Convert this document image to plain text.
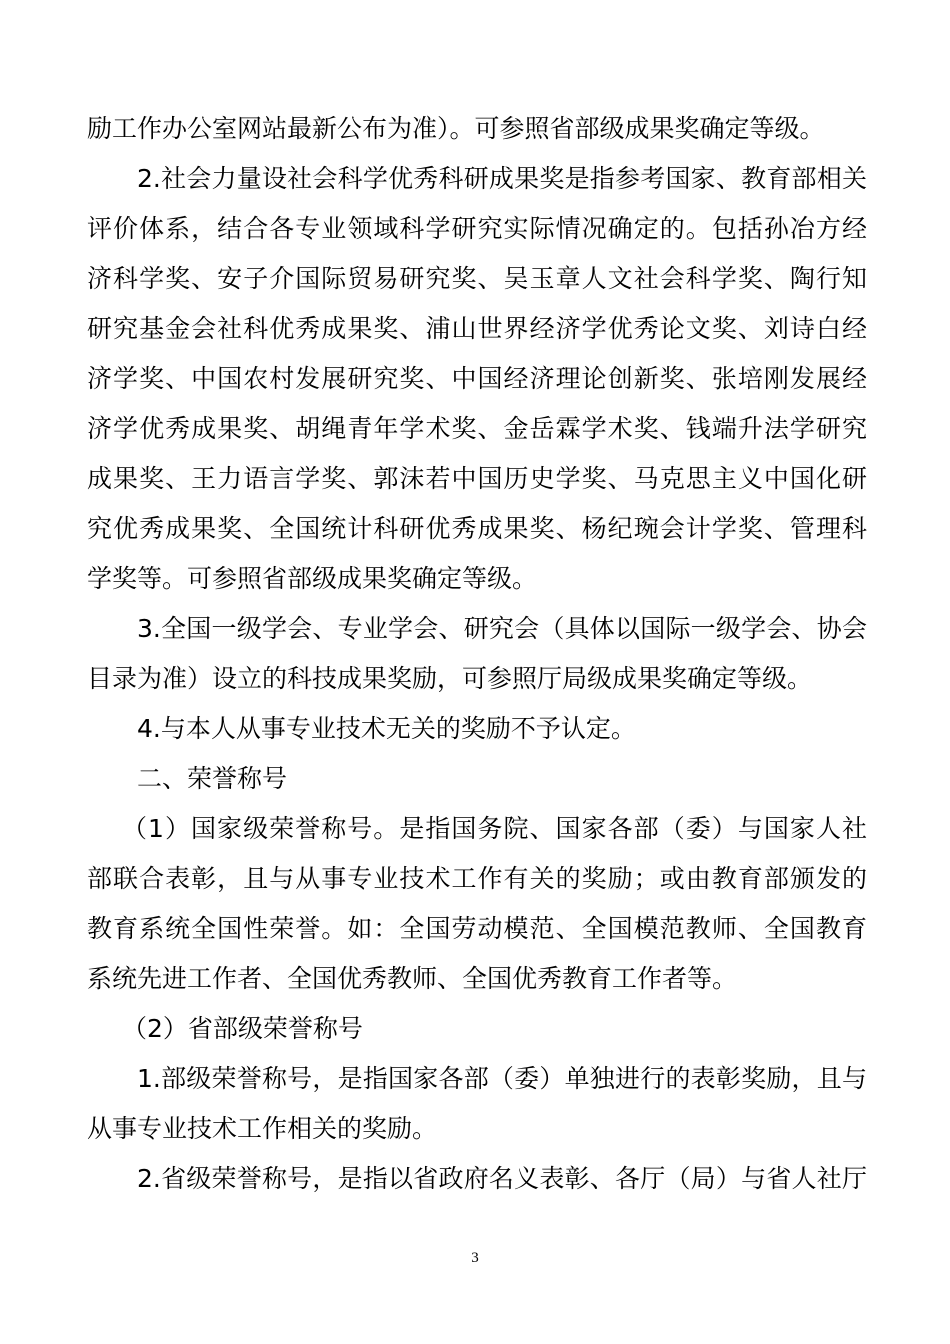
励工作办公室网站最新公布为准）。可参照省部级成果奖确定等级。
2.社会力量设社会科学优秀科研成果奖是指参考国家、教育部相关
评价体系，结合各专业领域科学研究实际情况确定的。包括孙冶方经
济科学奖、安子介国际贸易研究奖、吴玉章人文社会科学奖、陶行知
研究基金会社科优秀成果奖、浦山世界经济学优秀论文奖、刘诗白经
济学奖、中国农村发展研究奖、中国经济理论创新奖、张培刚发展经
济学优秀成果奖、胡绳青年学术奖、金岳霖学术奖、钱端升法学研究
成果奖、王力语言学奖、郭沫若中国历史学奖、马克思主义中国化研
究优秀成果奖、全国统计科研优秀成果奖、杨纪琬会计学奖、管理科
学奖等。可参照省部级成果奖确定等级。
3.全国一级学会、专业学会、研究会（具体以国际一级学会、协会
目录为准）设立的科技成果奖励，可参照厅局级成果奖确定等级。
4.与本人从事专业技术无关的奖励不予认定。
二、荣誉称号
（1）国家级荣誉称号。是指国务院、国家各部（委）与国家人社
部联合表彰，且与从事专业技术工作有关的奖励；或由教育部颁发的
教育系统全国性荣誉。如：全国劳动模范、全国模范教师、全国教育
系统先进工作者、全国优秀教师、全国优秀教育工作者等。
（2）省部级荣誉称号
1.部级荣誉称号，是指国家各部（委）单独进行的表彰奖励，且与
从事专业技术工作相关的奖励。
2.省级荣誉称号，是指以省政府名义表彰、各厅（局）与省人社厅
3
